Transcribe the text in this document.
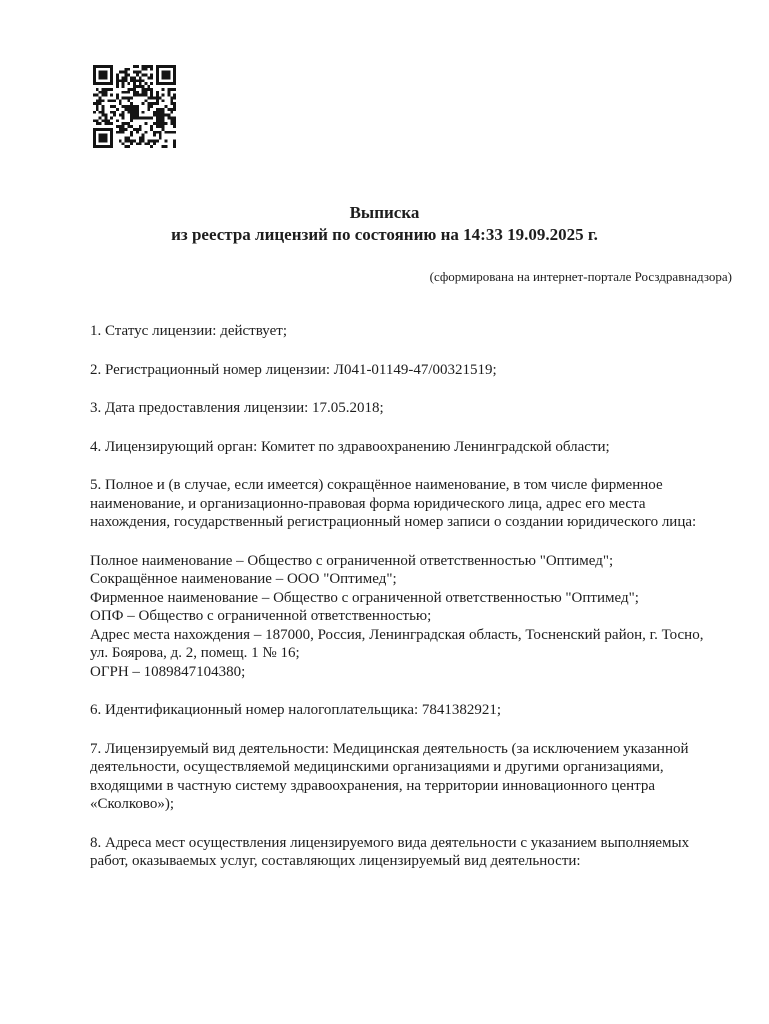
Выписка
из реестра лицензий по состоянию на 14:33 19.09.2025 г.
(сформирована на интернет-портале Росздравнадзора)
1. Статус лицензии: действует;
2. Регистрационный номер лицензии: Л041-01149-47/00321519;
3. Дата предоставления лицензии: 17.05.2018;
4. Лицензирующий орган: Комитет по здравоохранению Ленинградской области;
5. Полное и (в случае, если имеется) сокращённое наименование, в том числе фирменное
наименование, и организационно-правовая форма юридического лица, адрес его места
нахождения, государственный регистрационный номер записи о создании юридического лица:
Полное наименование – Общество с ограниченной ответственностью "Оптимед";
Сокращённое наименование – ООО "Оптимед";
Фирменное наименование – Общество с ограниченной ответственностью "Оптимед";
ОПФ – Общество с ограниченной ответственностью;
Адрес места нахождения – 187000, Россия, Ленинградская область, Тосненский район, г. Тосно,
ул. Боярова, д. 2, помещ. 1 № 16;
ОГРН – 1089847104380;
6. Идентификационный номер налогоплательщика: 7841382921;
7. Лицензируемый вид деятельности: Медицинская деятельность (за исключением указанной
деятельности, осуществляемой медицинскими организациями и другими организациями,
входящими в частную систему здравоохранения, на территории инновационного центра
«Сколково»);
8. Адреса мест осуществления лицензируемого вида деятельности с указанием выполняемых
работ, оказываемых услуг, составляющих лицензируемый вид деятельности:
